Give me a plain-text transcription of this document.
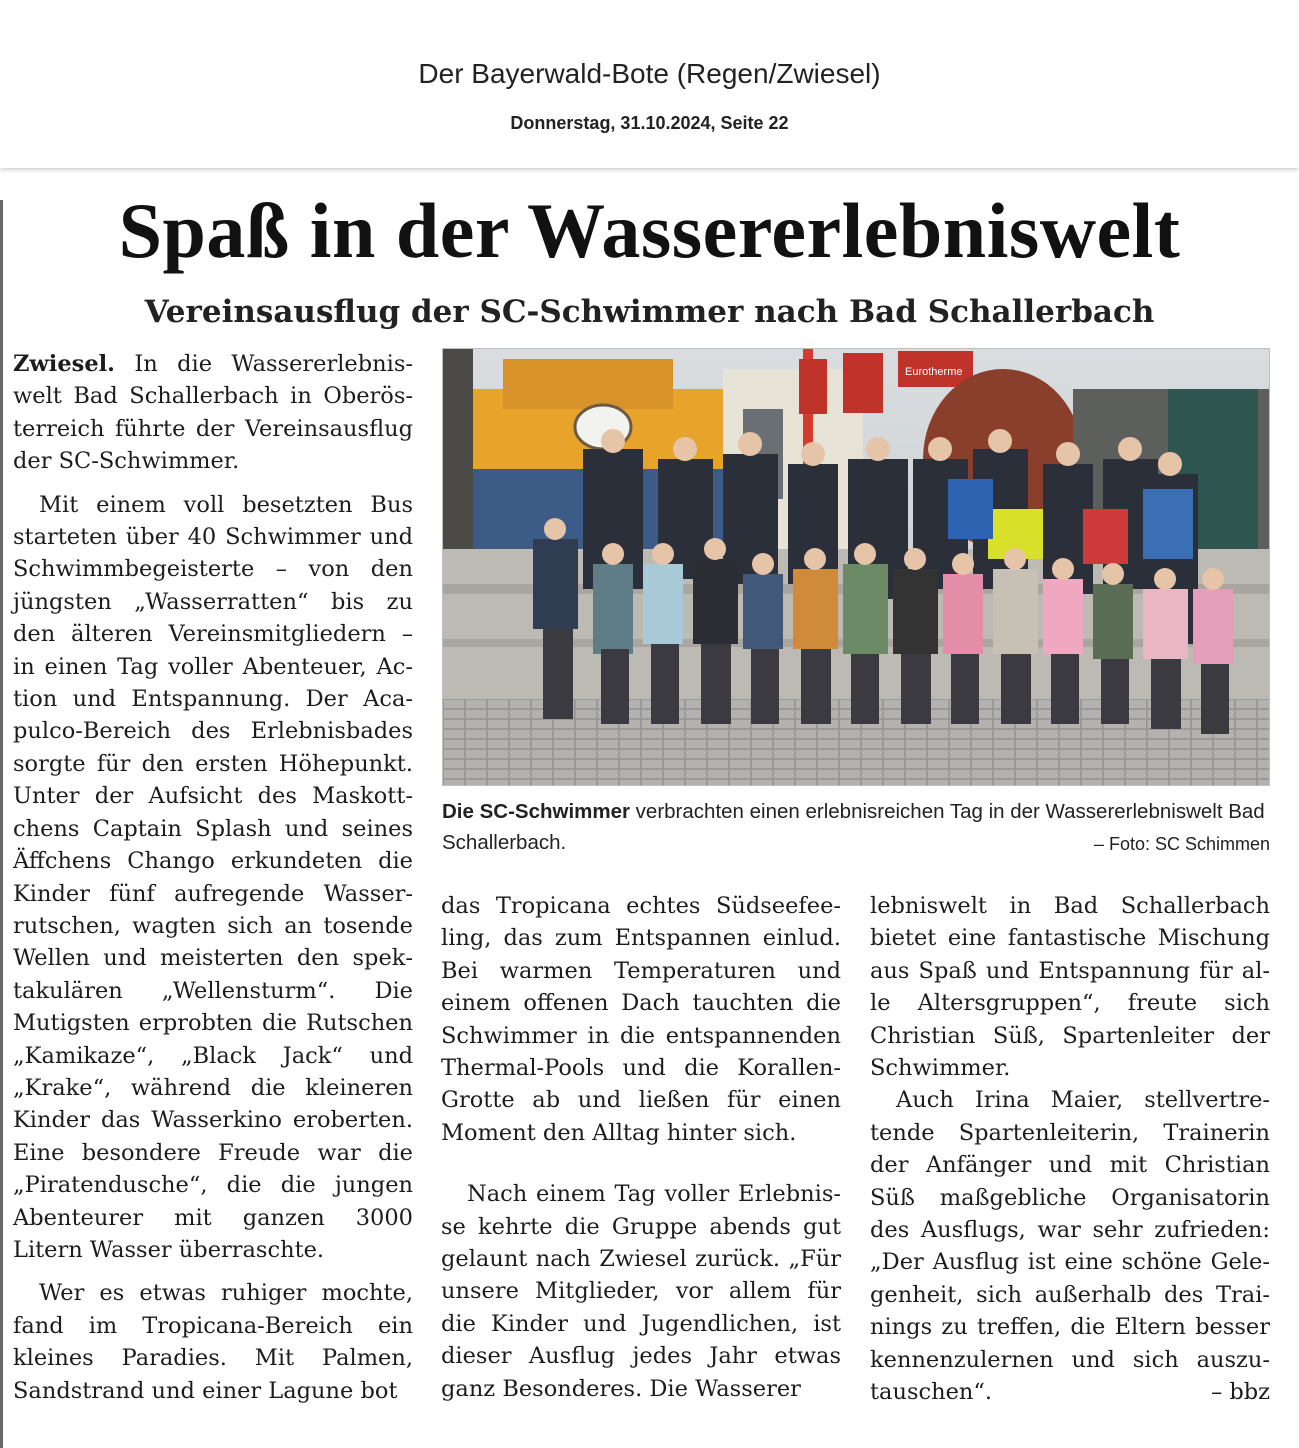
Der Bayerwald-Bote (Regen/Zwiesel)
Donnerstag, 31.10.2024, Seite 22
Spaß in der Wassererlebniswelt
Vereinsausflug der SC-Schwimmer nach Bad Schallerbach

Zwiesel. In die Wassererlebniswelt Bad Schallerbach in Oberösterreich führte der Vereinsausflug der SC-Schwimmer.

Mit einem voll besetzten Bus starteten über 40 Schwimmer und Schwimmbegeisterte – von den jüngsten „Wasserratten“ bis zu den älteren Vereinsmitgliedern – in einen Tag voller Abenteuer, Action und Entspannung. Der Acapulco-Bereich des Erlebnisbades sorgte für den ersten Höhepunkt. Unter der Aufsicht des Maskottchens Captain Splash und seines Äffchens Chango erkundeten die Kinder fünf aufregende Wasserrutschen, wagten sich an tosende Wellen und meisterten den spektakulären „Wellensturm“. Die Mutigsten erprobten die Rutschen „Kamikaze“, „Black Jack“ und „Krake“, während die kleineren Kinder das Wasserkino eroberten. Eine besondere Freude war die „Piratendusche“, die die jungen Abenteurer mit ganzen 3000 Litern Wasser überraschte.

Wer es etwas ruhiger mochte, fand im Tropicana-Bereich ein kleines Paradies. Mit Palmen, Sandstrand und einer Lagune bot

Eurotherme
Die SC-Schwimmer verbrachten einen erlebnisreichen Tag in der Wassererlebniswelt Bad Schallerbach.	– Foto: SC Schimmen

das Tropicana echtes Südseefeeling, das zum Entspannen einlud. Bei warmen Temperaturen und einem offenen Dach tauchten die Schwimmer in die entspannenden Thermal-Pools und die Korallen-Grotte ab und ließen für einen Moment den Alltag hinter sich.

Nach einem Tag voller Erlebnisse kehrte die Gruppe abends gut gelaunt nach Zwiesel zurück. „Für unsere Mitglieder, vor allem für die Kinder und Jugendlichen, ist dieser Ausflug jedes Jahr etwas ganz Besonderes. Die Wasserer

lebniswelt in Bad Schallerbach bietet eine fantastische Mischung aus Spaß und Entspannung für alle Altersgruppen“, freute sich Christian Süß, Spartenleiter der Schwimmer.

Auch Irina Maier, stellvertretende Spartenleiterin, Trainerin der Anfänger und mit Christian Süß maßgebliche Organisatorin des Ausflugs, war sehr zufrieden: „Der Ausflug ist eine schöne Gelegenheit, sich außerhalb des Trainings zu treffen, die Eltern besser kennenzulernen und sich auszutauschen“.	– bbz
